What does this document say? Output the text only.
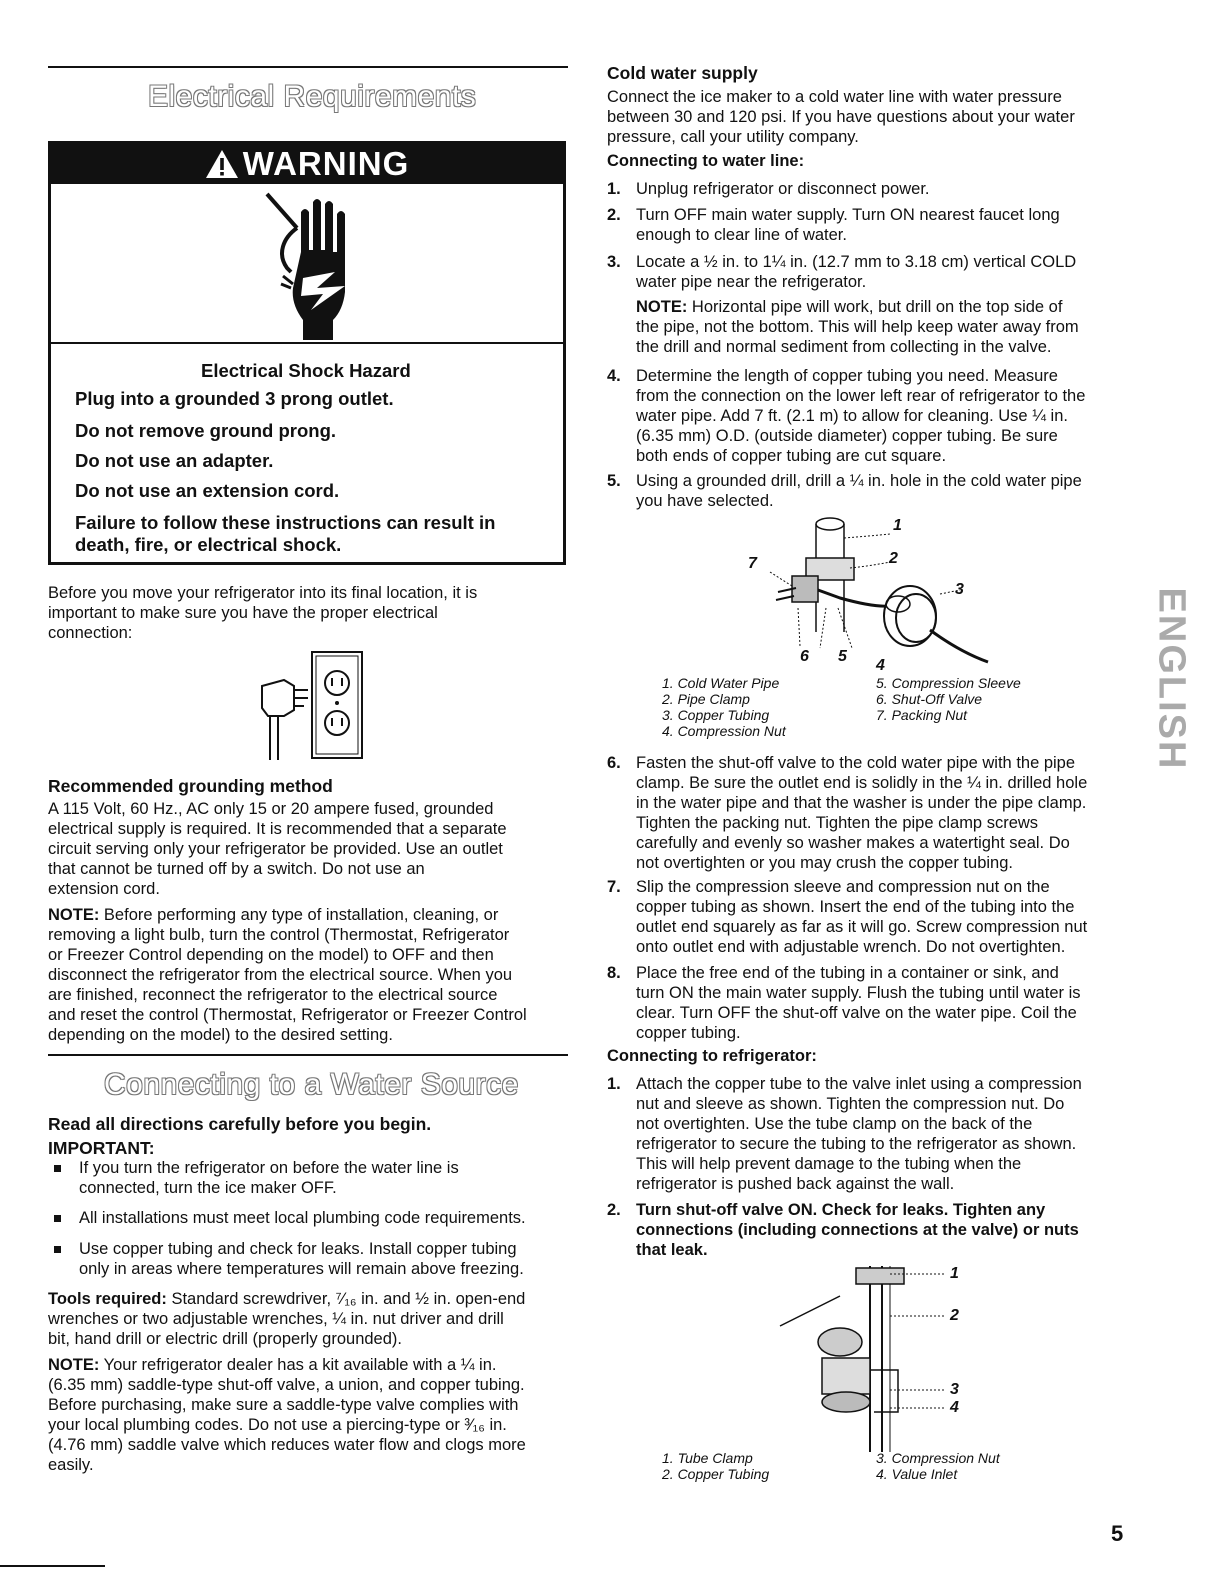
Electrical Requirements
WARNING
Electrical Shock Hazard
Plug into a grounded 3 prong outlet.
Do not remove ground prong.
Do not use an adapter.
Do not use an extension cord.
Failure to follow these instructions can result in
death, fire, or electrical shock.
Before you move your refrigerator into its final location, it is
important to make sure you have the proper electrical
connection:
Recommended grounding method
A 115 Volt, 60 Hz., AC only 15 or 20 ampere fused, grounded
electrical supply is required. It is recommended that a separate
circuit serving only your refrigerator be provided. Use an outlet
that cannot be turned off by a switch. Do not use an
extension cord.
NOTE: Before performing any type of installation, cleaning, or
removing a light bulb, turn the control (Thermostat, Refrigerator
or Freezer Control depending on the model) to OFF and then
disconnect the refrigerator from the electrical source. When you
are finished, reconnect the refrigerator to the electrical source
and reset the control (Thermostat, Refrigerator or Freezer Control
depending on the model) to the desired setting.
Connecting to a Water Source
Read all directions carefully before you begin.
IMPORTANT:
If you turn the refrigerator on before the water line is
connected, turn the ice maker OFF.
All installations must meet local plumbing code requirements.
Use copper tubing and check for leaks. Install copper tubing
only in areas where temperatures will remain above freezing.
Tools required: Standard screwdriver, ⁷⁄₁₆ in. and ½ in. open-end
wrenches or two adjustable wrenches, ¼ in. nut driver and drill
bit, hand drill or electric drill (properly grounded).
NOTE: Your refrigerator dealer has a kit available with a ¼ in.
(6.35 mm) saddle-type shut-off valve, a union, and copper tubing.
Before purchasing, make sure a saddle-type valve complies with
your local plumbing codes. Do not use a piercing-type or ³⁄₁₆ in.
(4.76 mm) saddle valve which reduces water flow and clogs more
easily.
Cold water supply
Connect the ice maker to a cold water line with water pressure
between 30 and 120 psi. If you have questions about your water
pressure, call your utility company.
Connecting to water line:
1. Unplug refrigerator or disconnect power.
2. Turn OFF main water supply. Turn ON nearest faucet long
enough to clear line of water.
3. Locate a ½ in. to 1¼ in. (12.7 mm to 3.18 cm) vertical COLD
water pipe near the refrigerator.
NOTE: Horizontal pipe will work, but drill on the top side of
the pipe, not the bottom. This will help keep water away from
the drill and normal sediment from collecting in the valve.
4. Determine the length of copper tubing you need. Measure
from the connection on the lower left rear of refrigerator to the
water pipe. Add 7 ft. (2.1 m) to allow for cleaning. Use ¼ in.
(6.35 mm) O.D. (outside diameter) copper tubing. Be sure
both ends of copper tubing are cut square.
5. Using a grounded drill, drill a ¼ in. hole in the cold water pipe
you have selected.
1
2
3
4
5
6
7
1. Cold Water Pipe
2. Pipe Clamp
3. Copper Tubing
4. Compression Nut
5. Compression Sleeve
6. Shut-Off Valve
7. Packing Nut
6. Fasten the shut-off valve to the cold water pipe with the pipe
clamp. Be sure the outlet end is solidly in the ¼ in. drilled hole
in the water pipe and that the washer is under the pipe clamp.
Tighten the packing nut. Tighten the pipe clamp screws
carefully and evenly so washer makes a watertight seal. Do
not overtighten or you may crush the copper tubing.
7. Slip the compression sleeve and compression nut on the
copper tubing as shown. Insert the end of the tubing into the
outlet end squarely as far as it will go. Screw compression nut
onto outlet end with adjustable wrench. Do not overtighten.
8. Place the free end of the tubing in a container or sink, and
turn ON the main water supply. Flush the tubing until water is
clear. Turn OFF the shut-off valve on the water pipe. Coil the
copper tubing.
Connecting to refrigerator:
1. Attach the copper tube to the valve inlet using a compression
nut and sleeve as shown. Tighten the compression nut. Do
not overtighten. Use the tube clamp on the back of the
refrigerator to secure the tubing to the refrigerator as shown.
This will help prevent damage to the tubing when the
refrigerator is pushed back against the wall.
2. Turn shut-off valve ON. Check for leaks. Tighten any
connections (including connections at the valve) or nuts
that leak.
1
2
3
4
1. Tube Clamp
2. Copper Tubing
3. Compression Nut
4. Value Inlet
ENGLISH
5
